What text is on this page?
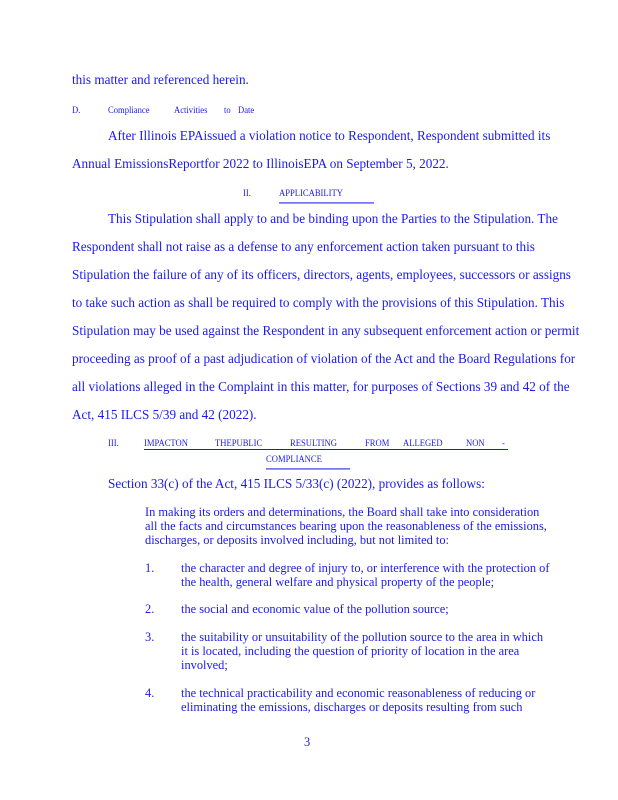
this matter and referenced herein.
D.	Compliance	Activities to Date
After Illinois EPAissued a violation notice to Respondent, Respondent submitted its
Annual EmissionsReportfor 2022 to IllinoisEPA on September 5, 2022.
II.	APPLICABILITY
This Stipulation shall apply to and be binding upon the Parties to the Stipulation. The
Respondent shall not raise as a defense to any enforcement action taken pursuant to this
Stipulation the failure of any of its officers, directors, agents, employees, successors or assigns
to take such action as shall be required to comply with the provisions of this Stipulation. This
Stipulation may be used against the Respondent in any subsequent enforcement action or permit
proceeding as proof of a past adjudication of violation of the Act and the Board Regulations for
all violations alleged in the Complaint in this matter, for purposes of Sections 39 and 42 of the
Act, 415 ILCS 5/39 and 42 (2022).
III.	IMPACTON	THEPUBLIC	RESULTING	FROM ALLEGED	NON -
COMPLIANCE
Section 33(c) of the Act, 415 ILCS 5/33(c) (2022), provides as follows:
In making its orders and determinations, the Board shall take into consideration
all the facts and circumstances bearing upon the reasonableness of the emissions,
discharges, or deposits involved including, but not limited to:
1. the character and degree of injury to, or interference with the protection of
the health, general welfare and physical property of the people;
2. the social and economic value of the pollution source;
3. the suitability or unsuitability of the pollution source to the area in which
it is located, including the question of priority of location in the area
involved;
4. the technical practicability and economic reasonableness of reducing or
eliminating the emissions, discharges or deposits resulting from such
3
